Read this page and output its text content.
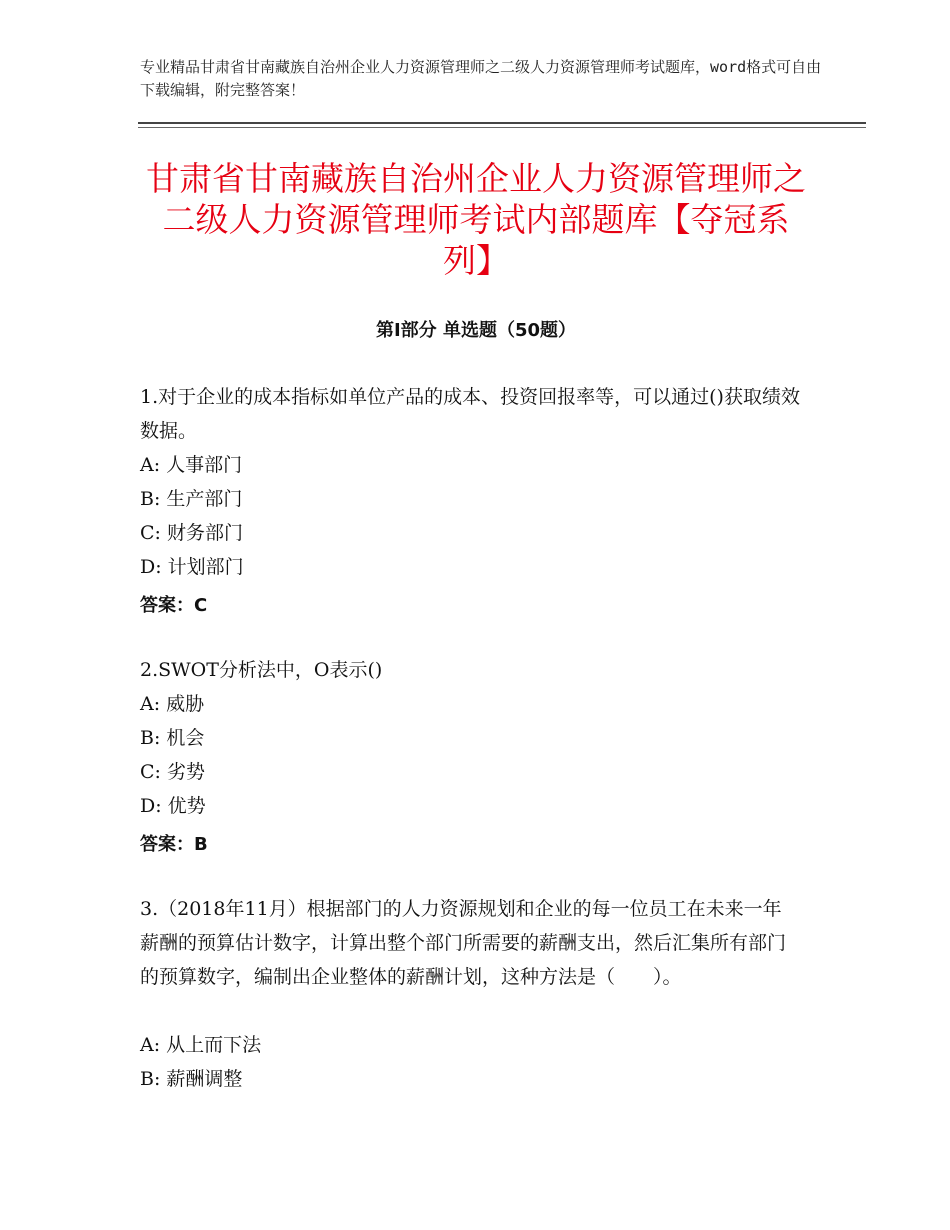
专业精品甘肃省甘南藏族自治州企业人力资源管理师之二级人力资源管理师考试题库，word格式可自由下载编辑，附完整答案！
甘肃省甘南藏族自治州企业人力资源管理师之二级人力资源管理师考试内部题库【夺冠系列】
第Ⅰ部分 单选题（50题）
1.对于企业的成本指标如单位产品的成本、投资回报率等，可以通过()获取绩效数据。
A: 人事部门
B: 生产部门
C: 财务部门
D: 计划部门
答案：C
2.SWOT分析法中，O表示()
A: 威胁
B: 机会
C: 劣势
D: 优势
答案：B
3.（2018年11月）根据部门的人力资源规划和企业的每一位员工在未来一年薪酬的预算估计数字，计算出整个部门所需要的薪酬支出，然后汇集所有部门的预算数字，编制出企业整体的薪酬计划，这种方法是（　　）。
A: 从上而下法
B: 薪酬调整
